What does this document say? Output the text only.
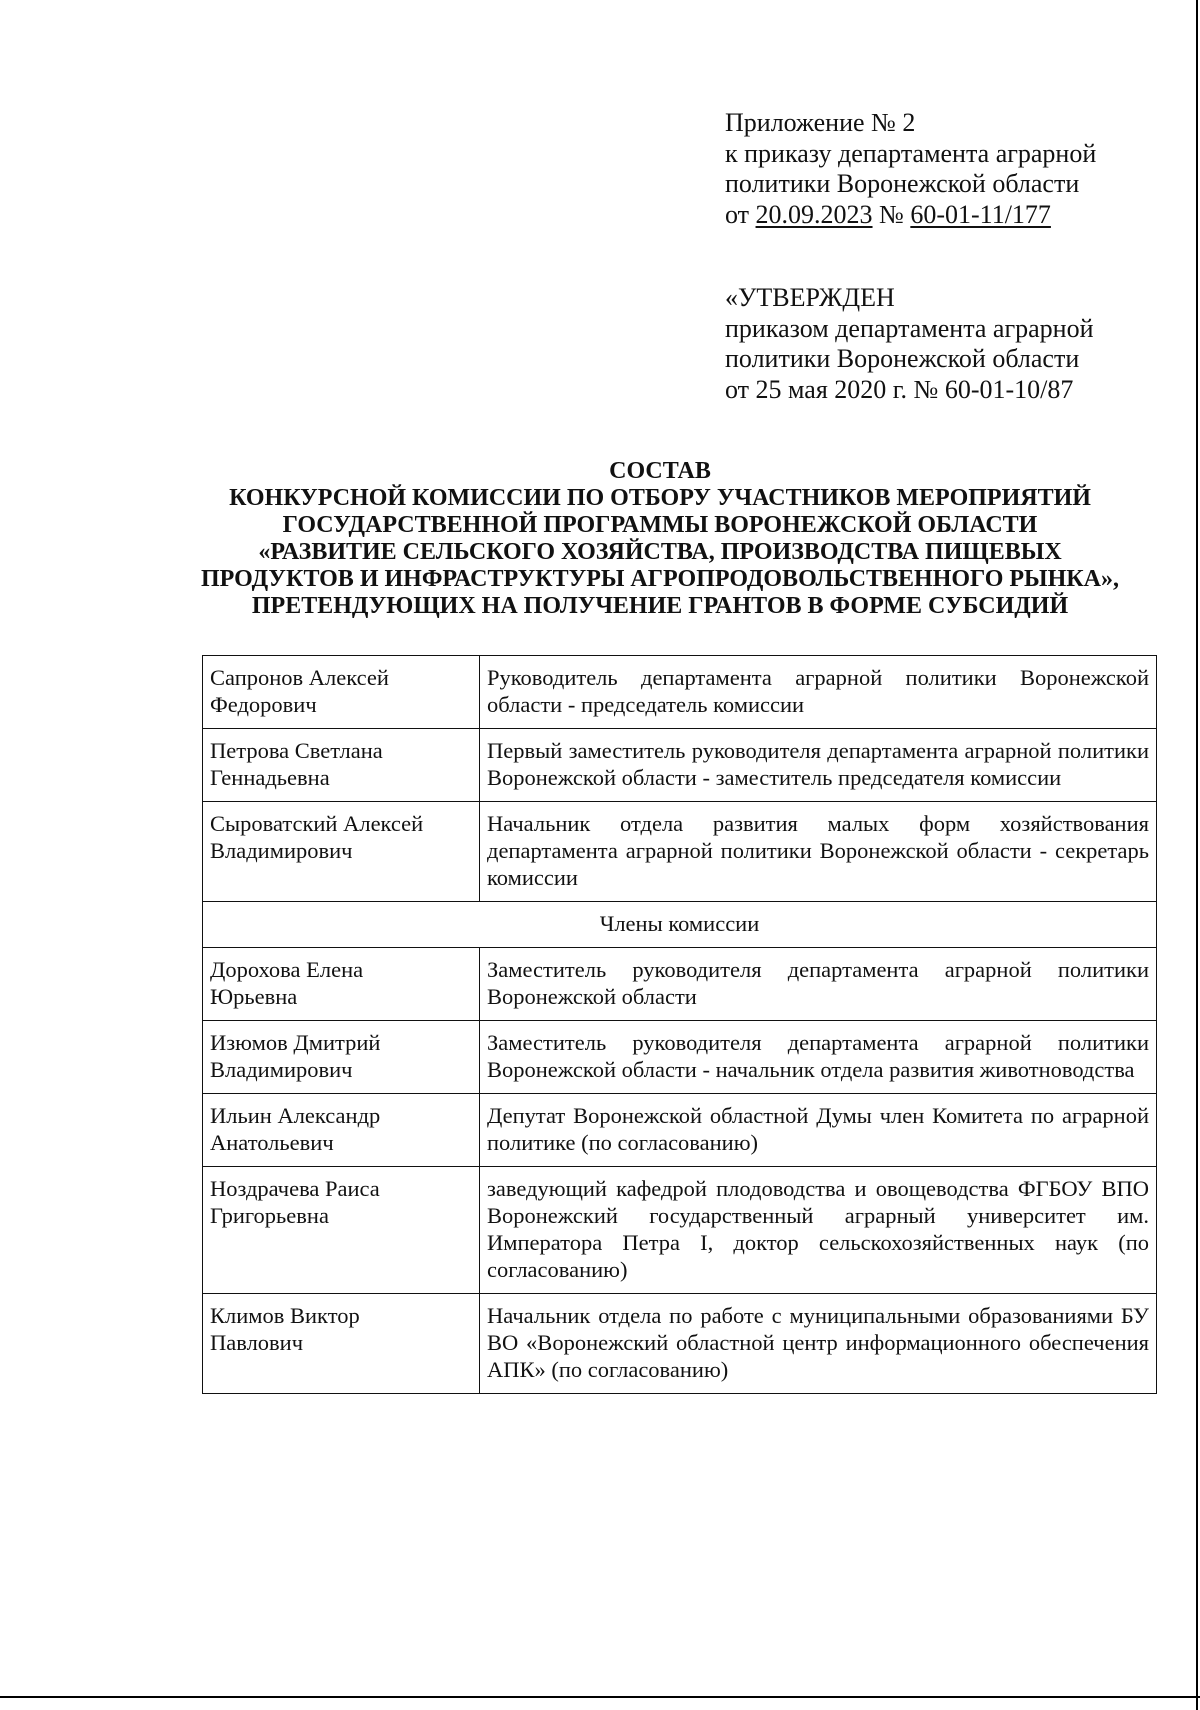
Приложение № 2
к приказу департамента аграрной
политики Воронежской области
от 20.09.2023 № 60-01-11/177
«УТВЕРЖДЕН
приказом департамента аграрной
политики Воронежской области
от 25 мая 2020 г. № 60-01-10/87
СОСТАВ
КОНКУРСНОЙ КОМИССИИ ПО ОТБОРУ УЧАСТНИКОВ МЕРОПРИЯТИЙ
ГОСУДАРСТВЕННОЙ ПРОГРАММЫ ВОРОНЕЖСКОЙ ОБЛАСТИ
«РАЗВИТИЕ СЕЛЬСКОГО ХОЗЯЙСТВА, ПРОИЗВОДСТВА ПИЩЕВЫХ
ПРОДУКТОВ И ИНФРАСТРУКТУРЫ АГРОПРОДОВОЛЬСТВЕННОГО РЫНКА»,
ПРЕТЕНДУЮЩИХ НА ПОЛУЧЕНИЕ ГРАНТОВ В ФОРМЕ СУБСИДИЙ
Сапронов Алексей
Федорович	Руководитель департамента аграрной политики Воронежской области - председатель комиссии
Петрова Светлана
Геннадьевна	Первый заместитель руководителя департамента аграрной политики Воронежской области - заместитель председателя комиссии
Сыроватский Алексей
Владимирович	Начальник отдела развития малых форм хозяйствования департамента аграрной политики Воронежской области - секретарь комиссии
Члены комиссии	
Дорохова Елена
Юрьевна	Заместитель руководителя департамента аграрной политики Воронежской области
Изюмов Дмитрий
Владимирович	Заместитель руководителя департамента аграрной политики Воронежской области - начальник отдела развития животноводства
Ильин Александр
Анатольевич	Депутат Воронежской областной Думы член Комитета по аграрной политике (по согласованию)
Ноздрачева Раиса
Григорьевна	заведующий кафедрой плодоводства и овощеводства ФГБОУ ВПО Воронежский государственный аграрный университет им. Императора Петра I, доктор сельскохозяйственных наук (по согласованию)
Климов Виктор
Павлович	Начальник отдела по работе с муниципальными образованиями БУ ВО «Воронежский областной центр информационного обеспечения АПК» (по согласованию)
